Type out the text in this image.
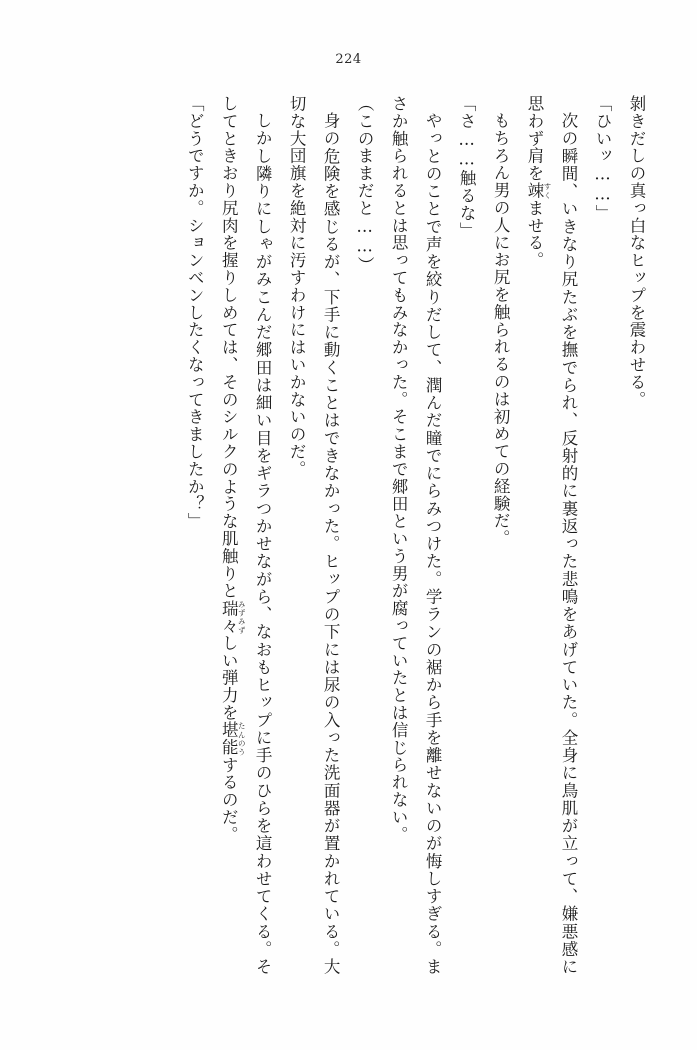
224

剝きだしの真っ白なヒップを震わせる。

「ひいッ……」

次の瞬間、いきなり尻たぶを撫でられ、反射的に裏返った悲鳴をあげていた。全身に鳥肌が立って、嫌悪感に思わず肩を竦 すくませる。

もちろん男の人にお尻を触られるのは初めての経験だ。

「さ……触るな」

やっとのことで声を絞りだして、潤んだ瞳でにらみつけた。学ランの裾から手を離せないのが悔しすぎる。まさか触られるとは思ってもみなかった。そこまで郷田という男が腐っていたとは信じられない。

（このままだと……）

身の危険を感じるが、下手に動くことはできなかった。ヒップの下には尿の入った洗面器が置かれている。大切な大団旗を絶対に汚すわけにはいかないのだ。

しかし隣りにしゃがみこんだ郷田は細い目をギラつかせながら、なおもヒップに手のひらを這わせてくる。そしてときおり尻肉を握りしめては、そのシルクのような肌触りと瑞々 みずみずしい弾力を堪能 たんのうするのだ。

「どうですか。ションベンしたくなってきましたか？」
